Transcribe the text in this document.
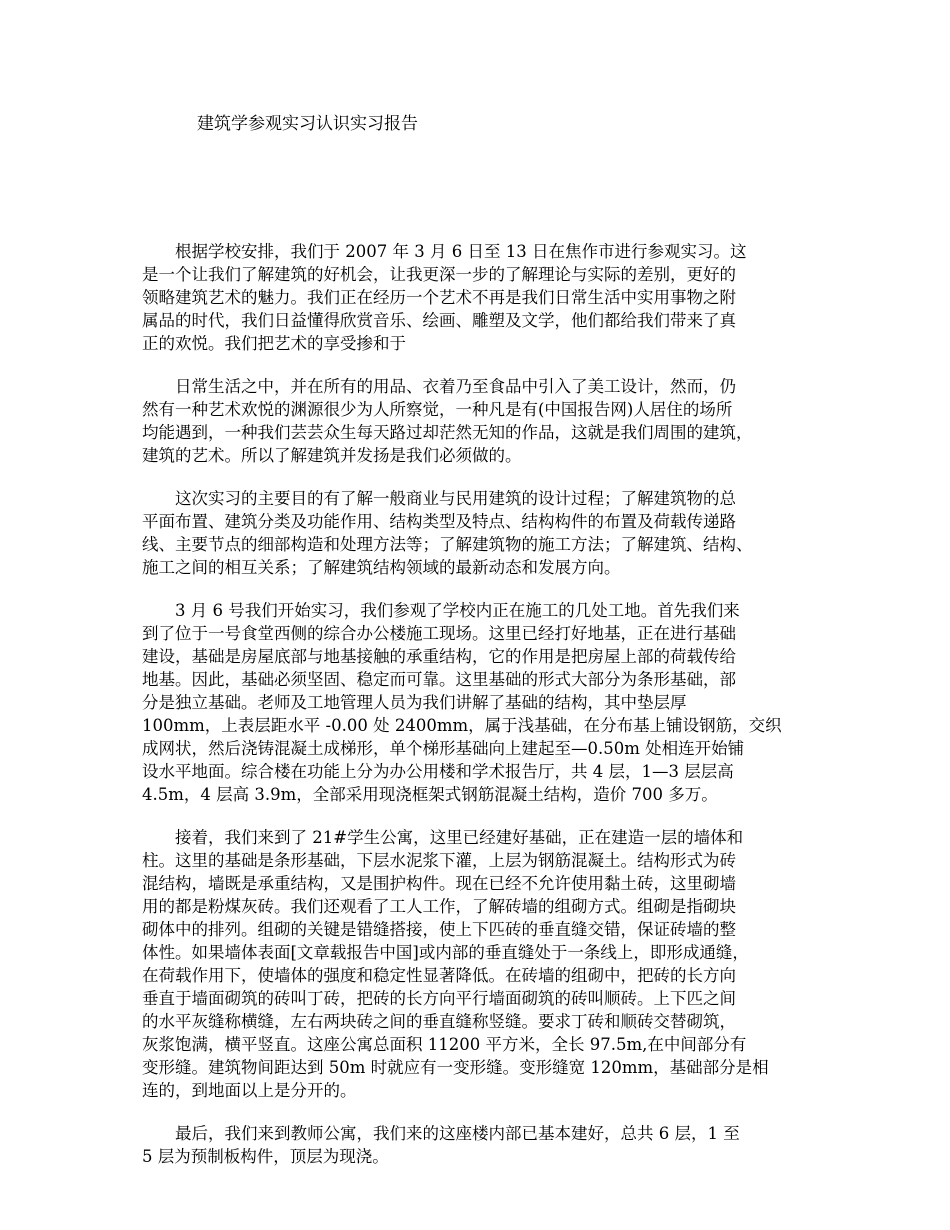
建筑学参观实习认识实习报告

　　根据学校安排，我们于 2007 年 3 月 6 日至 13 日在焦作市进行参观实习。这
是一个让我们了解建筑的好机会，让我更深一步的了解理论与实际的差别，更好的
领略建筑艺术的魅力。我们正在经历一个艺术不再是我们日常生活中实用事物之附
属品的时代，我们日益懂得欣赏音乐、绘画、雕塑及文学，他们都给我们带来了真
正的欢悦。我们把艺术的享受掺和于

　　日常生活之中，并在所有的用品、衣着乃至食品中引入了美工设计，然而，仍
然有一种艺术欢悦的渊源很少为人所察觉，一种凡是有(中国报告网)人居住的场所
均能遇到，一种我们芸芸众生每天路过却茫然无知的作品，这就是我们周围的建筑，
建筑的艺术。所以了解建筑并发扬是我们必须做的。

　　这次实习的主要目的有了解一般商业与民用建筑的设计过程；了解建筑物的总
平面布置、建筑分类及功能作用、结构类型及特点、结构构件的布置及荷载传递路
线、主要节点的细部构造和处理方法等；了解建筑物的施工方法；了解建筑、结构、
施工之间的相互关系；了解建筑结构领域的最新动态和发展方向。

　　3 月 6 号我们开始实习，我们参观了学校内正在施工的几处工地。首先我们来
到了位于一号食堂西侧的综合办公楼施工现场。这里已经打好地基，正在进行基础
建设，基础是房屋底部与地基接触的承重结构，它的作用是把房屋上部的荷载传给
地基。因此，基础必须坚固、稳定而可靠。这里基础的形式大部分为条形基础，部
分是独立基础。老师及工地管理人员为我们讲解了基础的结构，其中垫层厚
100mm，上表层距水平 -0.00 处 2400mm，属于浅基础，在分布基上铺设钢筋，交织
成网状，然后浇铸混凝土成梯形，单个梯形基础向上建起至—0.50m 处相连开始铺
设水平地面。综合楼在功能上分为办公用楼和学术报告厅，共 4 层，1—3 层层高
4.5m，4 层高 3.9m，全部采用现浇框架式钢筋混凝土结构，造价 700 多万。

　　接着，我们来到了 21#学生公寓，这里已经建好基础，正在建造一层的墙体和
柱。这里的基础是条形基础，下层水泥浆下灌，上层为钢筋混凝土。结构形式为砖
混结构，墙既是承重结构，又是围护构件。现在已经不允许使用黏土砖，这里砌墙
用的都是粉煤灰砖。我们还观看了工人工作，了解砖墙的组砌方式。组砌是指砌块
砌体中的排列。组砌的关键是错缝搭接，使上下匹砖的垂直缝交错，保证砖墙的整
体性。如果墙体表面[文章载报告中国]或内部的垂直缝处于一条线上，即形成通缝，
在荷载作用下，使墙体的强度和稳定性显著降低。在砖墙的组砌中，把砖的长方向
垂直于墙面砌筑的砖叫丁砖，把砖的长方向平行墙面砌筑的砖叫顺砖。上下匹之间
的水平灰缝称横缝，左右两块砖之间的垂直缝称竖缝。要求丁砖和顺砖交替砌筑，
灰浆饱满，横平竖直。这座公寓总面积 11200 平方米，全长 97.5m,在中间部分有
变形缝。建筑物间距达到 50m 时就应有一变形缝。变形缝宽 120mm，基础部分是相
连的，到地面以上是分开的。

　　最后，我们来到教师公寓，我们来的这座楼内部已基本建好，总共 6 层，1 至
5 层为预制板构件，顶层为现浇。
